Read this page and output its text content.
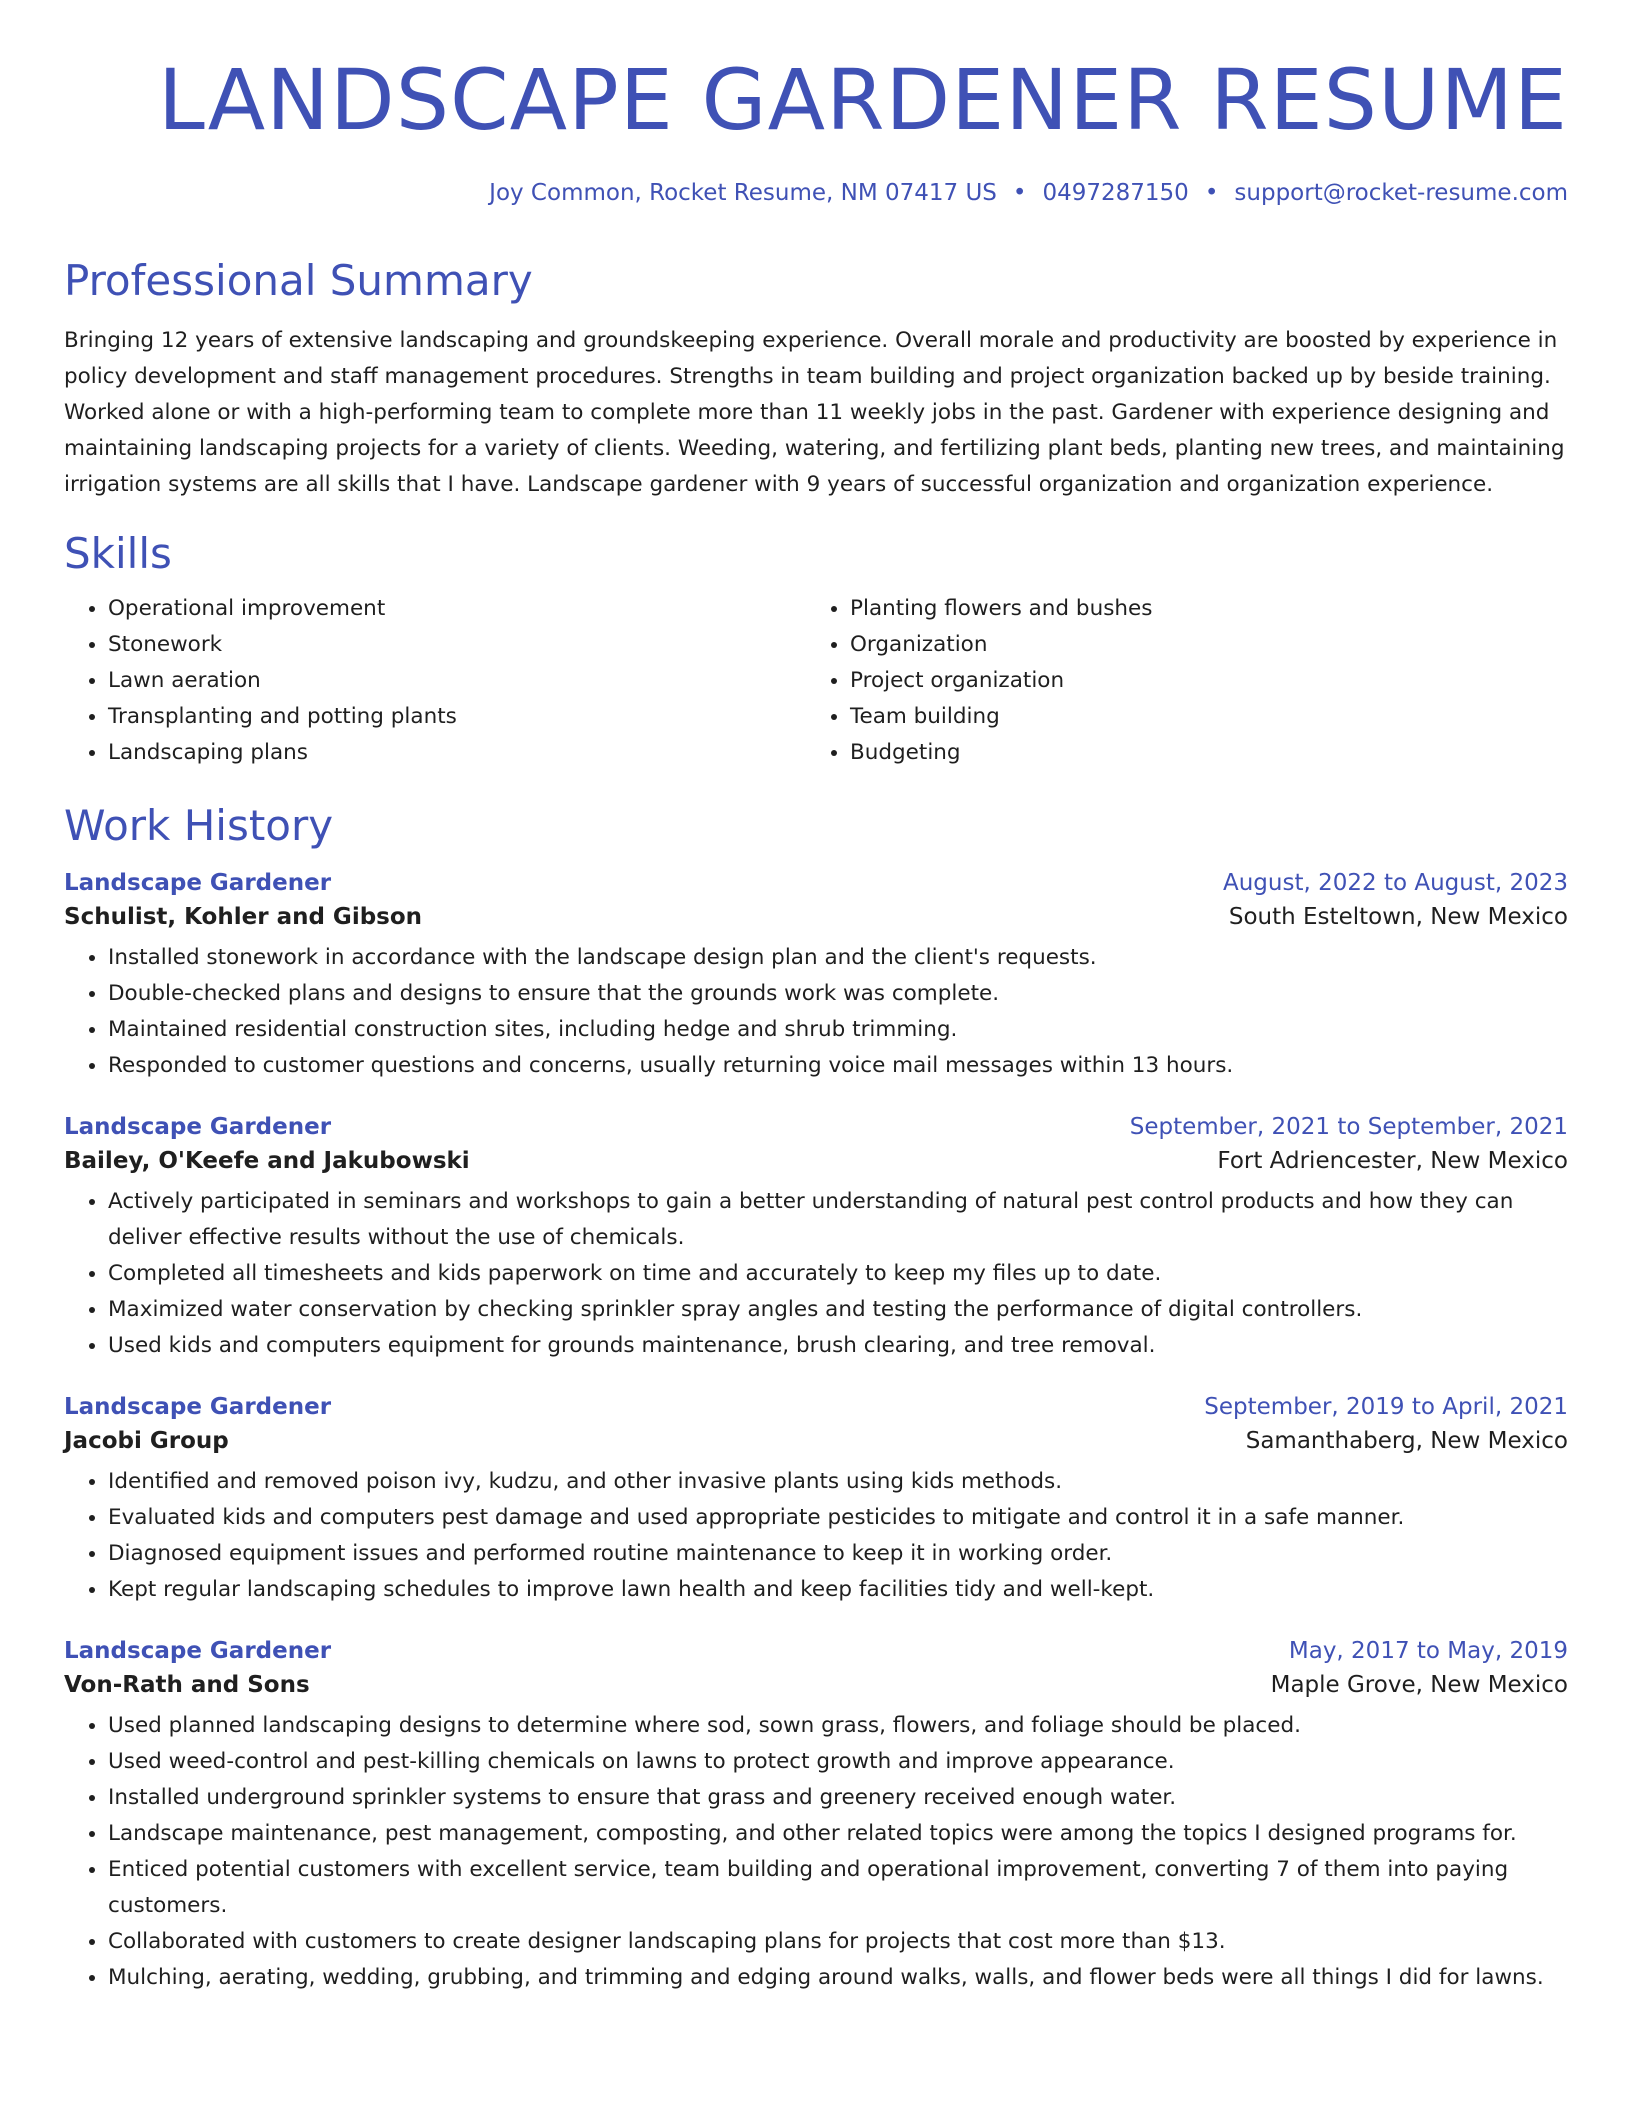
LANDSCAPE GARDENER RESUME
Joy Common, Rocket Resume, NM 07417 US • 0497287150 • support@rocket-resume.com
Professional Summary
Bringing 12 years of extensive landscaping and groundskeeping experience. Overall morale and productivity are boosted by experience in policy development and staff management procedures. Strengths in team building and project organization backed up by beside training. Worked alone or with a high-performing team to complete more than 11 weekly jobs in the past. Gardener with experience designing and maintaining landscaping projects for a variety of clients. Weeding, watering, and fertilizing plant beds, planting new trees, and maintaining irrigation systems are all skills that I have. Landscape gardener with 9 years of successful organization and organization experience.
Skills
• Operational improvement
• Stonework
• Lawn aeration
• Transplanting and potting plants
• Landscaping plans
• Planting flowers and bushes
• Organization
• Project organization
• Team building
• Budgeting
Work History
Landscape Gardener	August, 2022 to August, 2023
Schulist, Kohler and Gibson	South Esteltown, New Mexico
• Installed stonework in accordance with the landscape design plan and the client's requests.
• Double-checked plans and designs to ensure that the grounds work was complete.
• Maintained residential construction sites, including hedge and shrub trimming.
• Responded to customer questions and concerns, usually returning voice mail messages within 13 hours.
Landscape Gardener	September, 2021 to September, 2021
Bailey, O'Keefe and Jakubowski	Fort Adriencester, New Mexico
• Actively participated in seminars and workshops to gain a better understanding of natural pest control products and how they can deliver effective results without the use of chemicals.
• Completed all timesheets and kids paperwork on time and accurately to keep my files up to date.
• Maximized water conservation by checking sprinkler spray angles and testing the performance of digital controllers.
• Used kids and computers equipment for grounds maintenance, brush clearing, and tree removal.
Landscape Gardener	September, 2019 to April, 2021
Jacobi Group	Samanthaberg, New Mexico
• Identified and removed poison ivy, kudzu, and other invasive plants using kids methods.
• Evaluated kids and computers pest damage and used appropriate pesticides to mitigate and control it in a safe manner.
• Diagnosed equipment issues and performed routine maintenance to keep it in working order.
• Kept regular landscaping schedules to improve lawn health and keep facilities tidy and well-kept.
Landscape Gardener	May, 2017 to May, 2019
Von-Rath and Sons	Maple Grove, New Mexico
• Used planned landscaping designs to determine where sod, sown grass, flowers, and foliage should be placed.
• Used weed-control and pest-killing chemicals on lawns to protect growth and improve appearance.
• Installed underground sprinkler systems to ensure that grass and greenery received enough water.
• Landscape maintenance, pest management, composting, and other related topics were among the topics I designed programs for.
• Enticed potential customers with excellent service, team building and operational improvement, converting 7 of them into paying customers.
• Collaborated with customers to create designer landscaping plans for projects that cost more than $13.
• Mulching, aerating, wedding, grubbing, and trimming and edging around walks, walls, and flower beds were all things I did for lawns.
